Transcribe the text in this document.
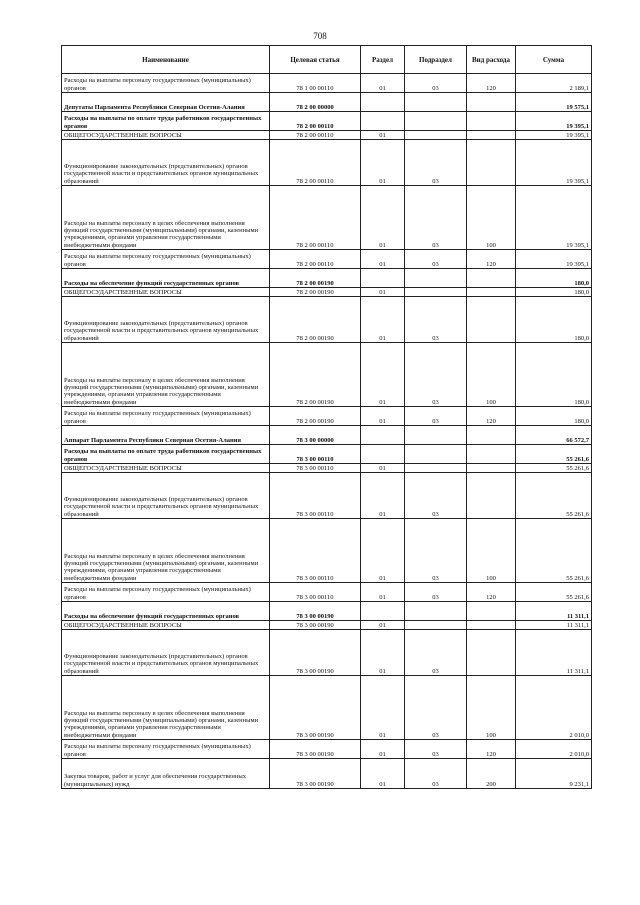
708
Наименование	Целевая статья	Раздел	Подраздел	Вид расхода	Сумма
Расходы на выплаты персоналу государственных (муниципальных) органов	78 1 00 00110	01	03	120	2 189,1
Депутаты Парламента Республики Северная Осетия-Алания	78 2 00 00000				19 575,1
Расходы на выплаты по оплате труда работников государственных органов	78 2 00 00110				19 395,1
ОБЩЕГОСУДАРСТВЕННЫЕ ВОПРОСЫ	78 2 00 00110	01			19 395,1
Функционирование законодательных (представительных) органов государственной власти и представительных органов муниципальных образований	78 2 00 00110	01	03		19 395,1
Расходы на выплаты персоналу в целях обеспечения выполнения функций государственными (муниципальными) органами, казенными учреждениями, органами управления государственными внебюджетными фондами	78 2 00 00110	01	03	100	19 395,1
Расходы на выплаты персоналу государственных (муниципальных) органов	78 2 00 00110	01	03	120	19 395,1
Расходы на обеспечение функций государственных органов	78 2 00 00190				180,0
ОБЩЕГОСУДАРСТВЕННЫЕ ВОПРОСЫ	78 2 00 00190	01			180,0
Функционирование законодательных (представительных) органов государственной власти и представительных органов муниципальных образований	78 2 00 00190	01	03		180,0
Расходы на выплаты персоналу в целях обеспечения выполнения функций государственными (муниципальными) органами, казенными учреждениями, органами управления государственными внебюджетными фондами	78 2 00 00190	01	03	100	180,0
Расходы на выплаты персоналу государственных (муниципальных) органов	78 2 00 00190	01	03	120	180,0
Аппарат Парламента Республики Северная Осетия-Алания	78 3 00 00000				66 572,7
Расходы на выплаты по оплате труда работников государственных органов	78 3 00 00110				55 261,6
ОБЩЕГОСУДАРСТВЕННЫЕ ВОПРОСЫ	78 3 00 00110	01			55 261,6
Функционирование законодательных (представительных) органов государственной власти и представительных органов муниципальных образований	78 3 00 00110	01	03		55 261,6
Расходы на выплаты персоналу в целях обеспечения выполнения функций государственными (муниципальными) органами, казенными учреждениями, органами управления государственными внебюджетными фондами	78 3 00 00110	01	03	100	55 261,6
Расходы на выплаты персоналу государственных (муниципальных) органов	78 3 00 00110	01	03	120	55 261,6
Расходы на обеспечение функций государственных органов	78 3 00 00190				11 311,1
ОБЩЕГОСУДАРСТВЕННЫЕ ВОПРОСЫ	78 3 00 00190	01			11 311,1
Функционирование законодательных (представительных) органов государственной власти и представительных органов муниципальных образований	78 3 00 00190	01	03		11 311,1
Расходы на выплаты персоналу в целях обеспечения выполнения функций государственными (муниципальными) органами, казенными учреждениями, органами управления государственными внебюджетными фондами	78 3 00 00190	01	03	100	2 010,0
Расходы на выплаты персоналу государственных (муниципальных) органов	78 3 00 00190	01	03	120	2 010,0
Закупка товаров, работ и услуг для обеспечения государственных (муниципальных) нужд	78 3 00 00190	01	03	200	9 231,1
